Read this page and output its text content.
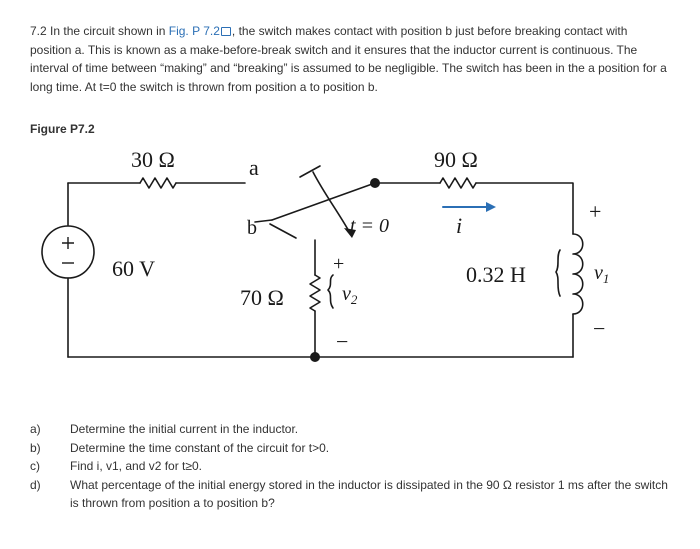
7.2 In the circuit shown in Fig. P 7.2 , the switch makes contact with position b just before breaking contact with position a. This is known as a make-before-break switch and it ensures that the inductor current is continuous. The interval of time between “making” and “breaking” is assumed to be negligible. The switch has been in the a position for a long time. At t=0 the switch is thrown from position a to position b.
Figure P7.2
30 Ω	90 Ω
a
b
60 V
70 Ω
0.32 H
t = 0	i
+
−
$v_2$
+
−
$v_1$
a)	Determine the initial current in the inductor.
b)	Determine the time constant of the circuit for t>0.
c)	Find i, v1, and v2 for t≥0.
d)	What percentage of the initial energy stored in the inductor is dissipated in the 90 Ω resistor 1 ms after the switch is thrown from position a to position b?
